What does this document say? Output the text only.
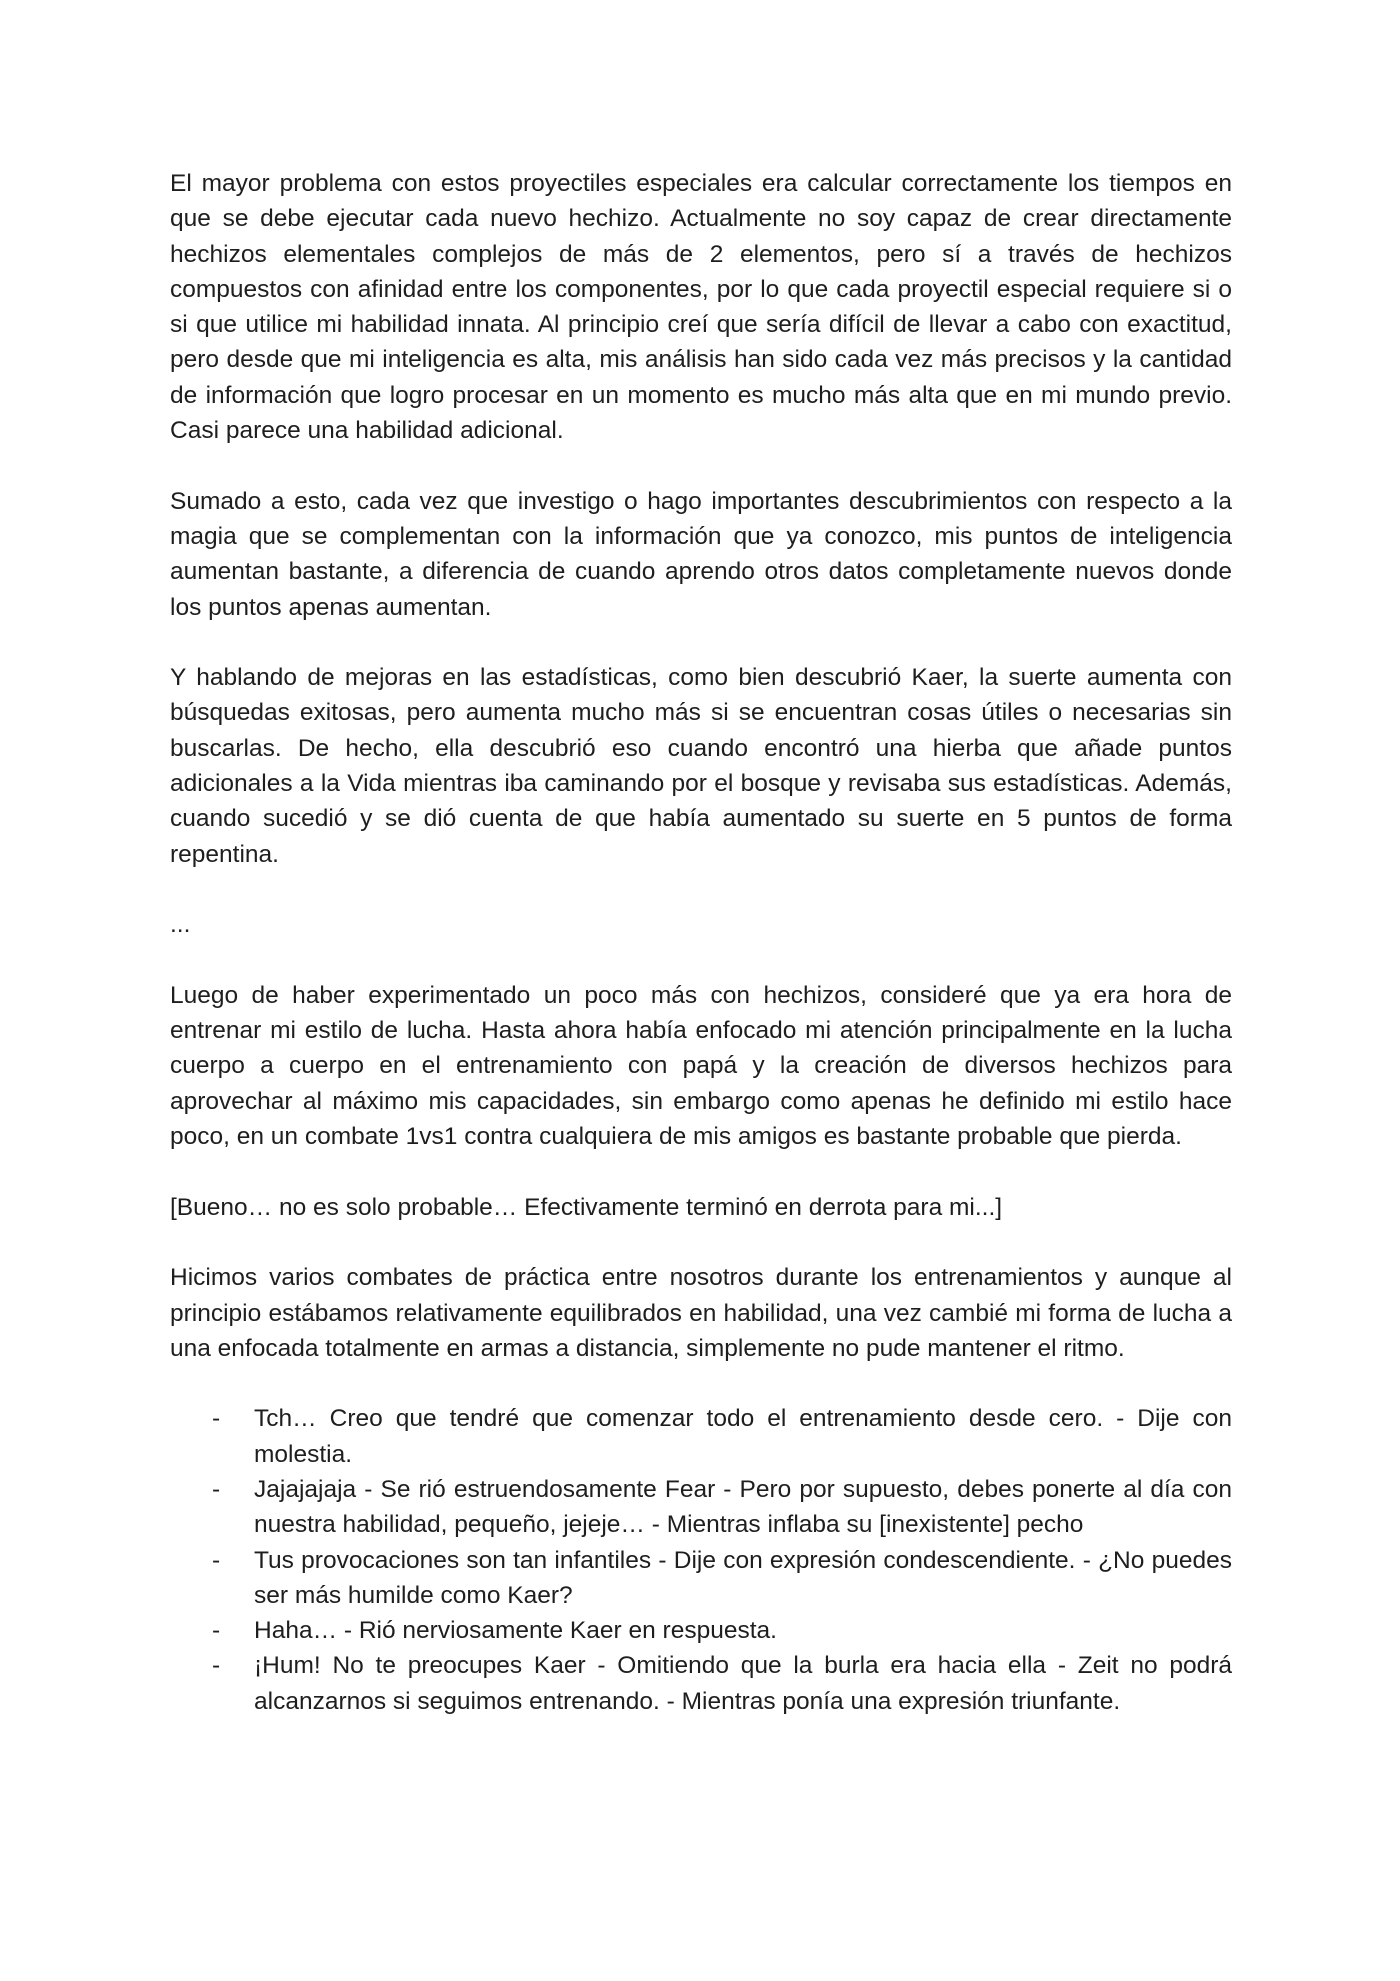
El mayor problema con estos proyectiles especiales era calcular correctamente los tiempos en que se debe ejecutar cada nuevo hechizo. Actualmente no soy capaz de crear directamente hechizos elementales complejos de más de 2 elementos, pero sí a través de hechizos compuestos con afinidad entre los componentes, por lo que cada proyectil especial requiere si o si que utilice mi habilidad innata. Al principio creí que sería difícil de llevar a cabo con exactitud, pero desde que mi inteligencia es alta, mis análisis han sido cada vez más precisos y la cantidad de información que logro procesar en un momento es mucho más alta que en mi mundo previo. Casi parece una habilidad adicional.

Sumado a esto, cada vez que investigo o hago importantes descubrimientos con respecto a la magia que se complementan con la información que ya conozco, mis puntos de inteligencia aumentan bastante, a diferencia de cuando aprendo otros datos completamente nuevos donde los puntos apenas aumentan.

Y hablando de mejoras en las estadísticas, como bien descubrió Kaer, la suerte aumenta con búsquedas exitosas, pero aumenta mucho más si se encuentran cosas útiles o necesarias sin buscarlas. De hecho, ella descubrió eso cuando encontró una hierba que añade puntos adicionales a la Vida mientras iba caminando por el bosque y revisaba sus estadísticas. Además, cuando sucedió y se dió cuenta de que había aumentado su suerte en 5 puntos de forma repentina.

...

Luego de haber experimentado un poco más con hechizos, consideré que ya era hora de entrenar mi estilo de lucha. Hasta ahora había enfocado mi atención principalmente en la lucha cuerpo a cuerpo en el entrenamiento con papá y la creación de diversos hechizos para aprovechar al máximo mis capacidades, sin embargo como apenas he definido mi estilo hace poco, en un combate 1vs1 contra cualquiera de mis amigos es bastante probable que pierda.

[Bueno… no es solo probable… Efectivamente terminó en derrota para mi...]

Hicimos varios combates de práctica entre nosotros durante los entrenamientos y aunque al principio estábamos relativamente equilibrados en habilidad, una vez cambié mi forma de lucha a una enfocada totalmente en armas a distancia, simplemente no pude mantener el ritmo.

- Tch… Creo que tendré que comenzar todo el entrenamiento desde cero. - Dije con molestia.
- Jajajajaja - Se rió estruendosamente Fear - Pero por supuesto, debes ponerte al día con nuestra habilidad, pequeño, jejeje… - Mientras inflaba su [inexistente] pecho
- Tus provocaciones son tan infantiles - Dije con expresión condescendiente. - ¿No puedes ser más humilde como Kaer?
- Haha… - Rió nerviosamente Kaer en respuesta.
- ¡Hum! No te preocupes Kaer - Omitiendo que la burla era hacia ella - Zeit no podrá alcanzarnos si seguimos entrenando. - Mientras ponía una expresión triunfante.
